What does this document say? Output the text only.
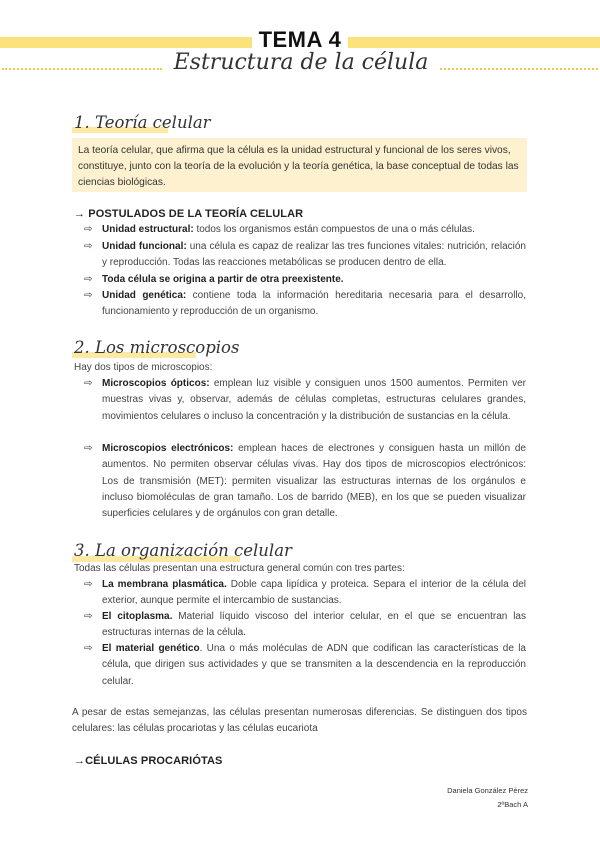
TEMA 4
Estructura de la célula
1. Teoría celular

La teoría celular, que afirma que la célula es la unidad estructural y funcional de los seres vivos, constituye, junto con la teoría de la evolución y la teoría genética, la base conceptual de todas las ciencias biológicas.

→ POSTULADOS DE LA TEORÍA CELULAR
⇨ Unidad estructural: todos los organismos están compuestos de una o más células.
⇨ Unidad funcional: una célula es capaz de realizar las tres funciones vitales: nutrición, relación y reproducción. Todas las reacciones metabólicas se producen dentro de ella.
⇨ Toda célula se origina a partir de otra preexistente.
⇨ Unidad genética: contiene toda la información hereditaria necesaria para el desarrollo, funcionamiento y reproducción de un organismo.
2. Los microscopios
Hay dos tipos de microscopios:
⇨ Microscopios ópticos: emplean luz visible y consiguen unos 1500 aumentos. Permiten ver muestras vivas y, observar, además de células completas, estructuras celulares grandes, movimientos celulares o incluso la concentración y la distribución de sustancias en la célula.
⇨ Microscopios electrónicos: emplean haces de electrones y consiguen hasta un millón de aumentos. No permiten observar células vivas. Hay dos tipos de microscopios electrónicos: Los de transmisión (MET): permiten visualizar las estructuras internas de los orgánulos e incluso biomoléculas de gran tamaño. Los de barrido (MEB), en los que se pueden visualizar superficies celulares y de orgánulos con gran detalle.
3. La organización celular
Todas las células presentan una estructura general común con tres partes:
⇨ La membrana plasmática. Doble capa lipídica y proteica. Separa el interior de la célula del exterior, aunque permite el intercambio de sustancias.
⇨ El citoplasma. Material líquido viscoso del interior celular, en el que se encuentran las estructuras internas de la célula.
⇨ El material genético. Una o más moléculas de ADN que codifican las características de la célula, que dirigen sus actividades y que se transmiten a la descendencia en la reproducción celular.
A pesar de estas semejanzas, las células presentan numerosas diferencias. Se distinguen dos tipos celulares: las células procariotas y las células eucariota
→CÉLULAS PROCARIÓTAS
Daniela González Pérez
2ºBach A
